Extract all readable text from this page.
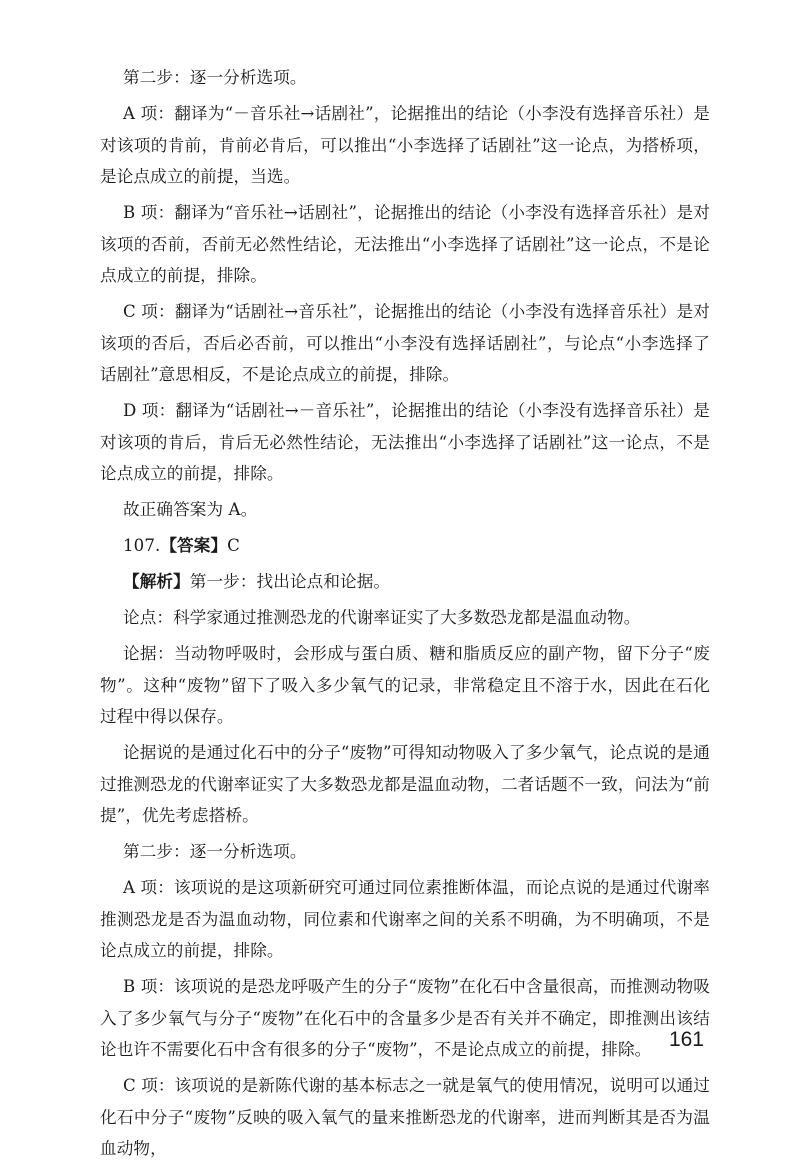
第二步：逐一分析选项。

A 项：翻译为“－音乐社→话剧社”，论据推出的结论（小李没有选择音乐社）是对该项的肯前，肯前必肯后，可以推出“小李选择了话剧社”这一论点，为搭桥项，是论点成立的前提，当选。

B 项：翻译为“音乐社→话剧社”，论据推出的结论（小李没有选择音乐社）是对该项的否前，否前无必然性结论，无法推出“小李选择了话剧社”这一论点，不是论点成立的前提，排除。

C 项：翻译为“话剧社→音乐社”，论据推出的结论（小李没有选择音乐社）是对该项的否后，否后必否前，可以推出“小李没有选择话剧社”，与论点“小李选择了话剧社”意思相反，不是论点成立的前提，排除。

D 项：翻译为“话剧社→－音乐社”，论据推出的结论（小李没有选择音乐社）是对该项的肯后，肯后无必然性结论，无法推出“小李选择了话剧社”这一论点，不是论点成立的前提，排除。

故正确答案为 A。

107.【答案】C

【解析】第一步：找出论点和论据。

论点：科学家通过推测恐龙的代谢率证实了大多数恐龙都是温血动物。

论据：当动物呼吸时，会形成与蛋白质、糖和脂质反应的副产物，留下分子“废物”。这种“废物”留下了吸入多少氧气的记录，非常稳定且不溶于水，因此在石化过程中得以保存。

论据说的是通过化石中的分子“废物”可得知动物吸入了多少氧气，论点说的是通过推测恐龙的代谢率证实了大多数恐龙都是温血动物，二者话题不一致，问法为“前提”，优先考虑搭桥。

第二步：逐一分析选项。

A 项：该项说的是这项新研究可通过同位素推断体温，而论点说的是通过代谢率推测恐龙是否为温血动物，同位素和代谢率之间的关系不明确，为不明确项，不是论点成立的前提，排除。

B 项：该项说的是恐龙呼吸产生的分子“废物”在化石中含量很高，而推测动物吸入了多少氧气与分子“废物”在化石中的含量多少是否有关并不确定，即推测出该结论也许不需要化石中含有很多的分子“废物”，不是论点成立的前提，排除。

C 项：该项说的是新陈代谢的基本标志之一就是氧气的使用情况，说明可以通过化石中分子“废物”反映的吸入氧气的量来推断恐龙的代谢率，进而判断其是否为温血动物，

161
